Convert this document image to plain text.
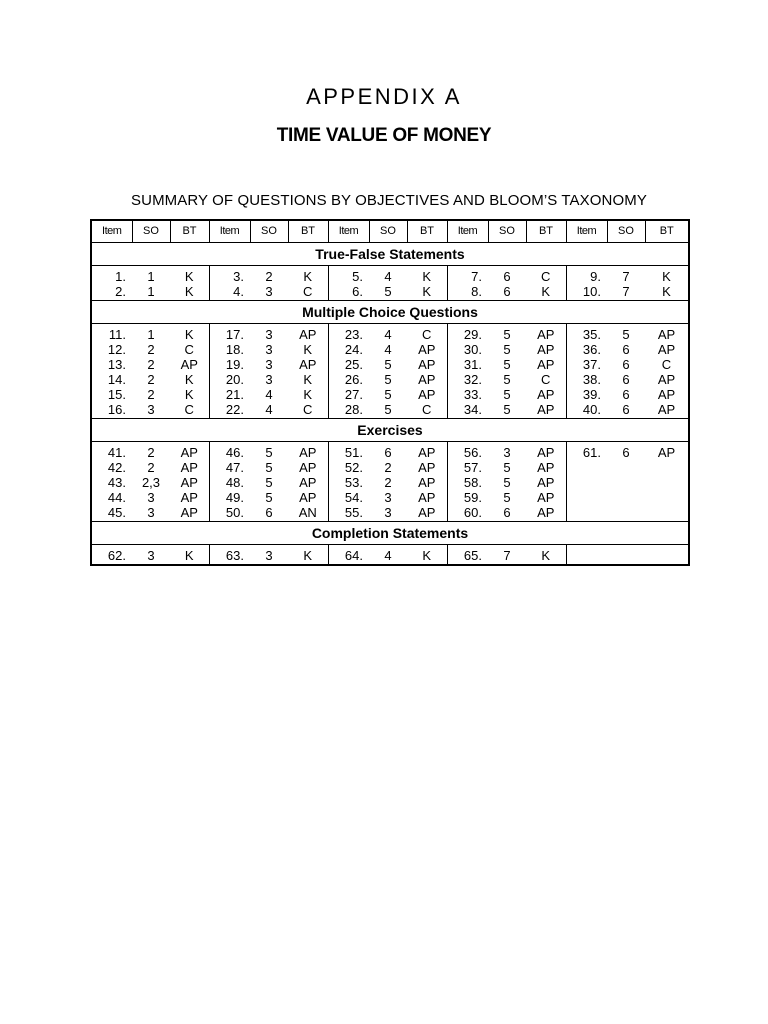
APPENDIX A
TIME VALUE OF MONEY
SUMMARY OF QUESTIONS BY OBJECTIVES AND BLOOM’S TAXONOMY
Item	SO	BT	Item	SO	BT	Item	SO	BT	Item	SO	BT	Item	SO	BT
True-False Statements														
1.	1	K	3.	2	K	5.	4	K	7.	6	C	9.	7	K
2.	1	K	4.	3	C	6.	5	K	8.	6	K	10.	7	K
Multiple Choice Questions														
11.	1	K	17.	3	AP	23.	4	C	29.	5	AP	35.	5	AP
12.	2	C	18.	3	K	24.	4	AP	30.	5	AP	36.	6	AP
13.	2	AP	19.	3	AP	25.	5	AP	31.	5	AP	37.	6	C
14.	2	K	20.	3	K	26.	5	AP	32.	5	C	38.	6	AP
15.	2	K	21.	4	K	27.	5	AP	33.	5	AP	39.	6	AP
16.	3	C	22.	4	C	28.	5	C	34.	5	AP	40.	6	AP
Exercises														
41.	2	AP	46.	5	AP	51.	6	AP	56.	3	AP	61.	6	AP
42.	2	AP	47.	5	AP	52.	2	AP	57.	5	AP			
43.	2,3	AP	48.	5	AP	53.	2	AP	58.	5	AP			
44.	3	AP	49.	5	AP	54.	3	AP	59.	5	AP			
45.	3	AP	50.	6	AN	55.	3	AP	60.	6	AP			
Completion Statements														
62.	3	K	63.	3	K	64.	4	K	65.	7	K			
